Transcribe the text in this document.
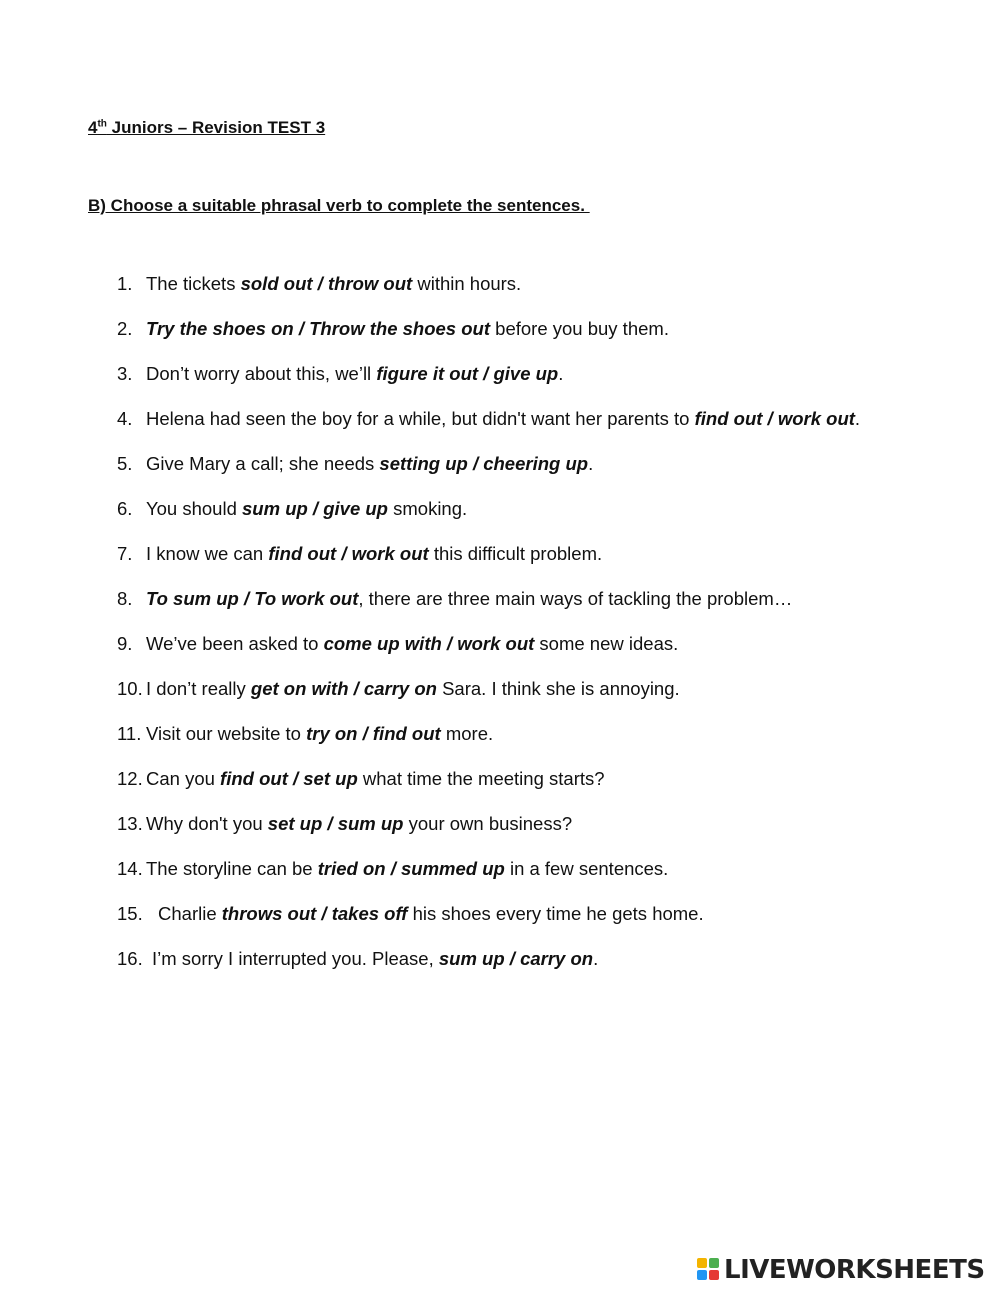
4th Juniors – Revision TEST 3

B) Choose a suitable phrasal verb to complete the sentences.

1. The tickets sold out / throw out within hours.
2. Try the shoes on / Throw the shoes out before you buy them.
3. Don’t worry about this, we’ll figure it out / give up.
4. Helena had seen the boy for a while, but didn't want her parents to find out / work out.
5. Give Mary a call; she needs setting up / cheering up.
6. You should sum up / give up smoking.
7. I know we can find out / work out this difficult problem.
8. To sum up / To work out, there are three main ways of tackling the problem…
9. We’ve been asked to come up with / work out some new ideas.
10. I don’t really get on with / carry on Sara. I think she is annoying.
11. Visit our website to try on / find out more.
12. Can you find out / set up what time the meeting starts?
13. Why don't you set up / sum up your own business?
14. The storyline can be tried on / summed up in a few sentences.
15. Charlie throws out / takes off his shoes every time he gets home.
16. I’m sorry I interrupted you. Please, sum up / carry on.
LIVEWORKSHEETS
